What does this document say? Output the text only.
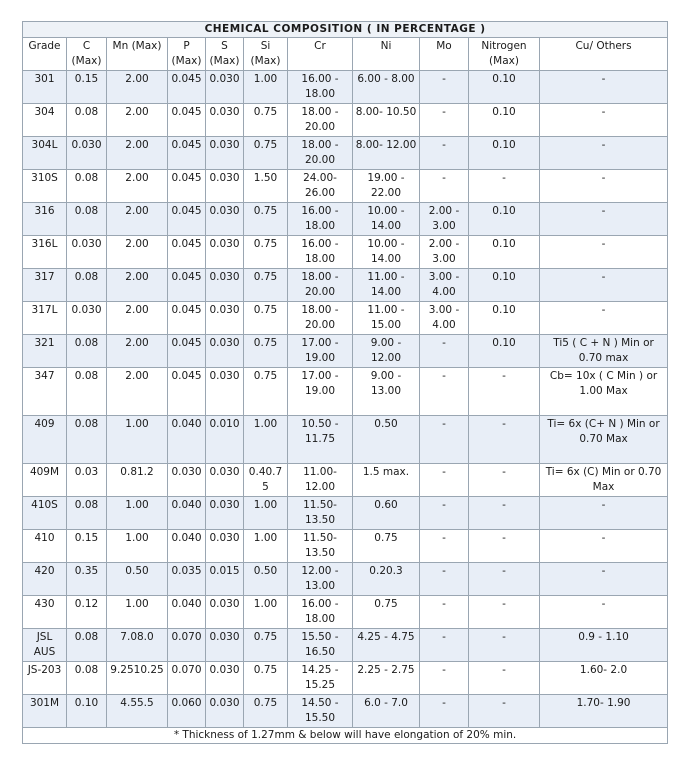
CHEMICAL COMPOSITION ( IN PERCENTAGE )										
Grade	C (Max)	Mn (Max)	P (Max)	S (Max)	Si (Max)	Cr	Ni	Mo	Nitrogen (Max)	Cu/ Others
301	0.15	2.00	0.045	0.030	1.00	16.00 - 18.00	6.00 - 8.00	-	0.10	-
304	0.08	2.00	0.045	0.030	0.75	18.00 - 20.00	8.00- 10.50	-	0.10	-
304L	0.030	2.00	0.045	0.030	0.75	18.00 - 20.00	8.00- 12.00	-	0.10	-
310S	0.08	2.00	0.045	0.030	1.50	24.00- 26.00	19.00 - 22.00	-	-	-
316	0.08	2.00	0.045	0.030	0.75	16.00 - 18.00	10.00 - 14.00	2.00 - 3.00	0.10	-
316L	0.030	2.00	0.045	0.030	0.75	16.00 - 18.00	10.00 - 14.00	2.00 - 3.00	0.10	-
317	0.08	2.00	0.045	0.030	0.75	18.00 - 20.00	11.00 - 14.00	3.00 - 4.00	0.10	-
317L	0.030	2.00	0.045	0.030	0.75	18.00 - 20.00	11.00 - 15.00	3.00 - 4.00	0.10	-
321	0.08	2.00	0.045	0.030	0.75	17.00 - 19.00	9.00 - 12.00	-	0.10	Ti5 ( C + N ) Min or 0.70 max
347	0.08	2.00	0.045	0.030	0.75	17.00 - 19.00	9.00 - 13.00	-	-	Cb= 10x ( C Min ) or 1.00 Max
409	0.08	1.00	0.040	0.010	1.00	10.50 - 11.75	0.50	-	-	Ti= 6x (C+ N ) Min or 0.70 Max
409M	0.03	0.81.2	0.030	0.030	0.40.75	11.00- 12.00	1.5 max.	-	-	Ti= 6x (C) Min or 0.70 Max
410S	0.08	1.00	0.040	0.030	1.00	11.50- 13.50	0.60	-	-	-
410	0.15	1.00	0.040	0.030	1.00	11.50- 13.50	0.75	-	-	-
420	0.35	0.50	0.035	0.015	0.50	12.00 - 13.00	0.20.3	-	-	-
430	0.12	1.00	0.040	0.030	1.00	16.00 - 18.00	0.75	-	-	-
JSL AUS	0.08	7.08.0	0.070	0.030	0.75	15.50 - 16.50	4.25 - 4.75	-	-	0.9 - 1.10
JS-203	0.08	9.2510.25	0.070	0.030	0.75	14.25 - 15.25	2.25 - 2.75	-	-	1.60- 2.0
301M	0.10	4.55.5	0.060	0.030	0.75	14.50 - 15.50	6.0 - 7.0	-	-	1.70- 1.90
* Thickness of 1.27mm & below will have elongation of 20% min.										
